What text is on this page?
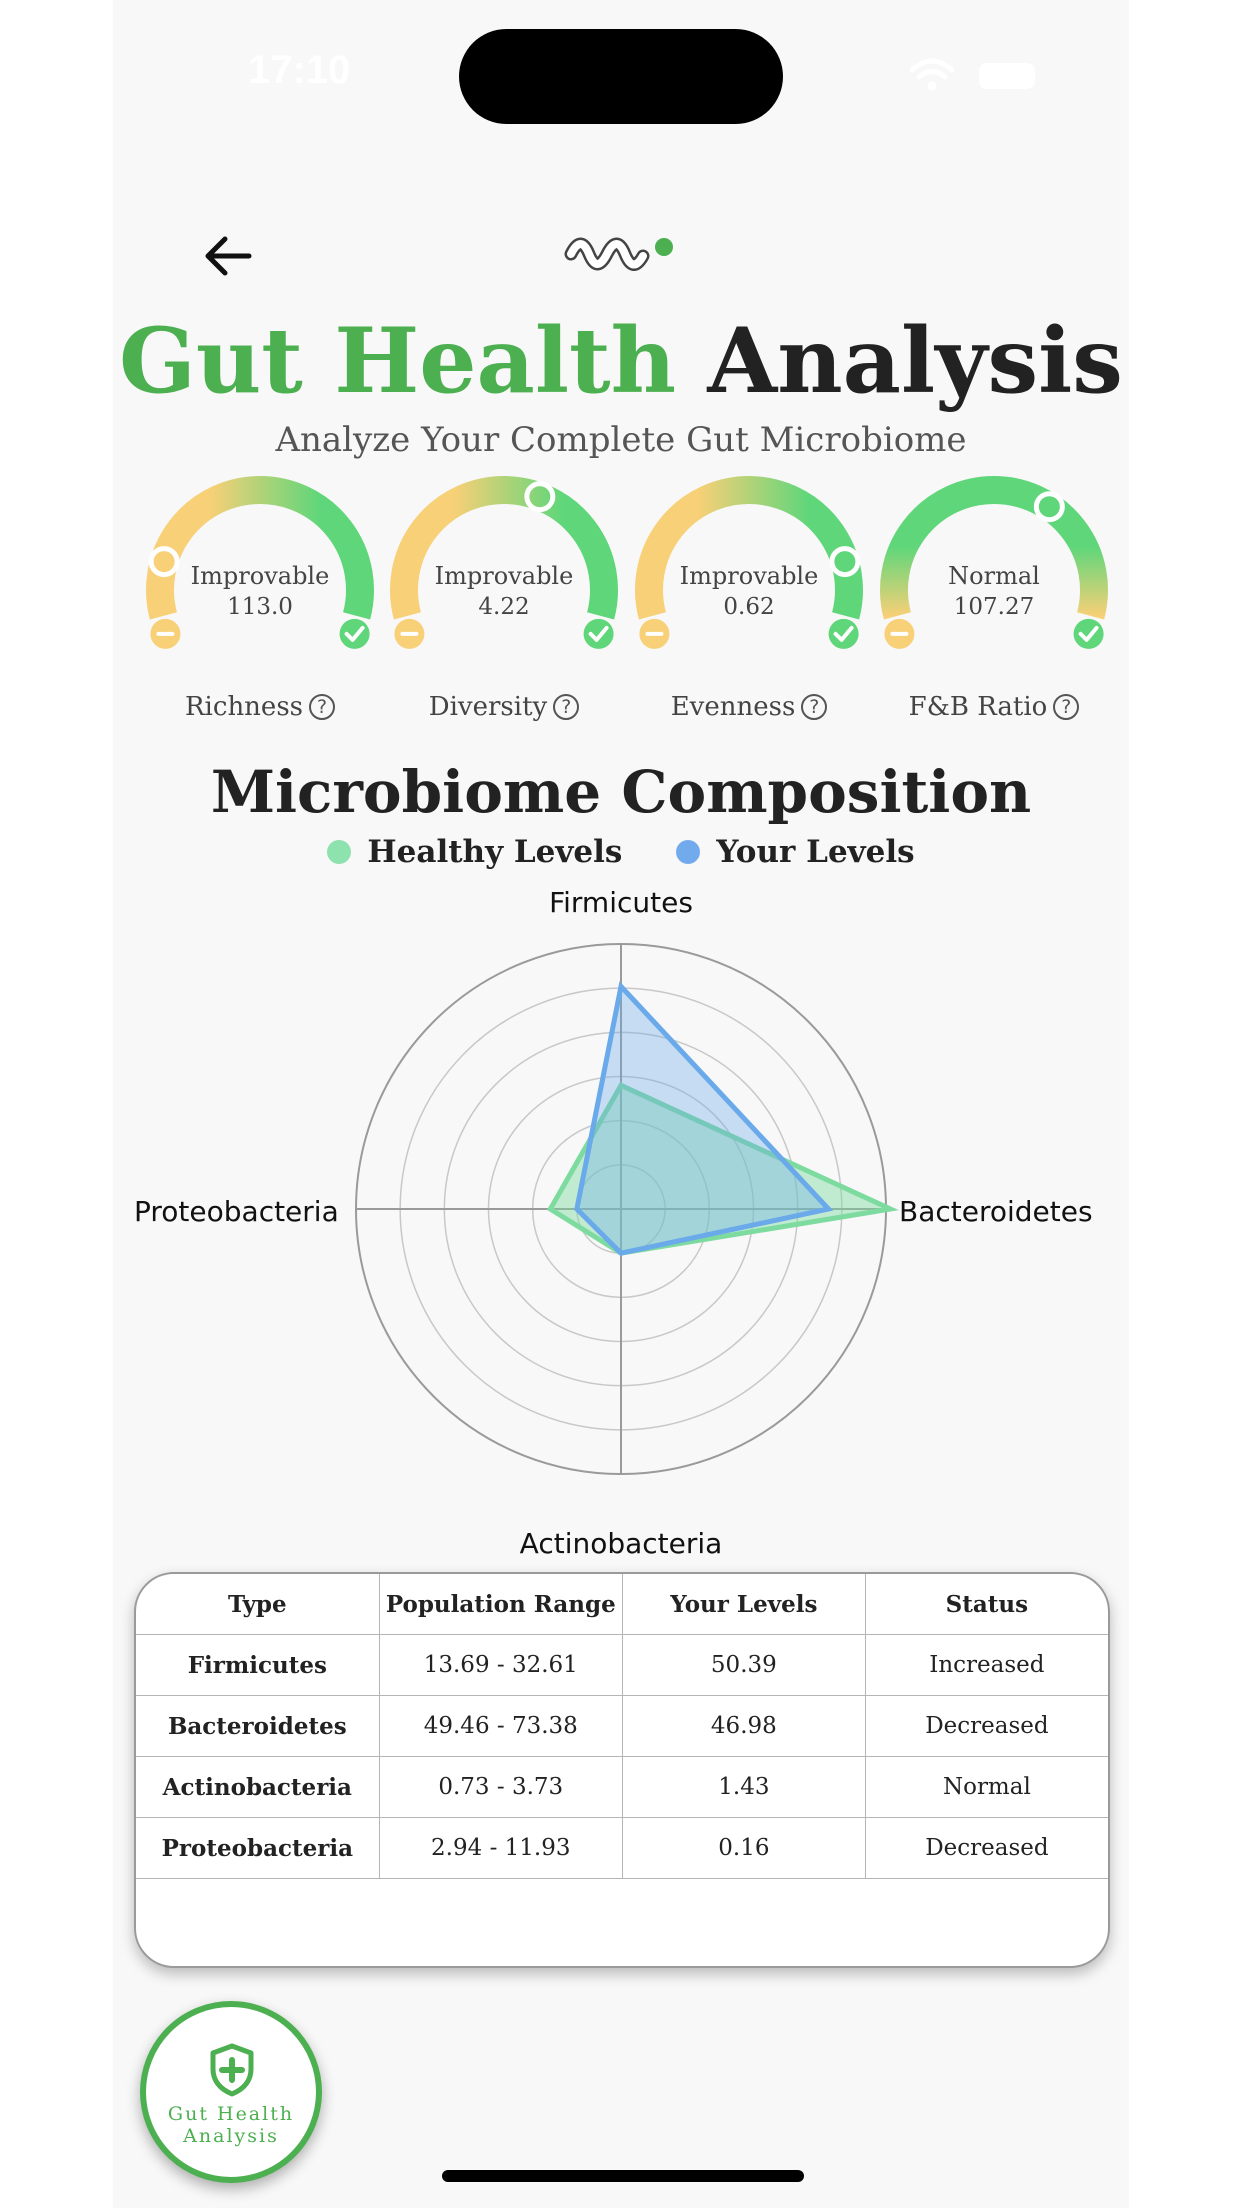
17:10
Gut Health Analysis
Analyze Your Complete Gut Microbiome
Improvable
113.0
Richness ?
Improvable
4.22
Diversity ?
Improvable
0.62
Evenness ?
Normal
107.27
F&B Ratio ?
Microbiome Composition
Healthy Levels	Your Levels
Firmicutes
Bacteroidetes
Actinobacteria
Proteobacteria
Type	Population Range	Your Levels	Status
Firmicutes	13.69 - 32.61	50.39	Increased
Bacteroidetes	49.46 - 73.38	46.98	Decreased
Actinobacteria	0.73 - 3.73	1.43	Normal
Proteobacteria	2.94 - 11.93	0.16	Decreased
Gut Health
Analysis
